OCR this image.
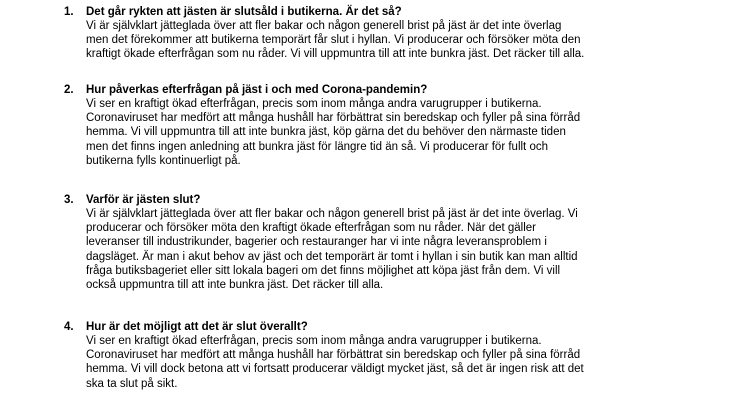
1. Det går rykten att jästen är slutsåld i butikerna. Är det så?
Vi är självklart jätteglada över att fler bakar och någon generell brist på jäst är det inte överlag
men det förekommer att butikerna temporärt får slut i hyllan. Vi producerar och försöker möta den
kraftigt ökade efterfrågan som nu råder. Vi vill uppmuntra till att inte bunkra jäst. Det räcker till alla.
2. Hur påverkas efterfrågan på jäst i och med Corona-pandemin?
Vi ser en kraftigt ökad efterfrågan, precis som inom många andra varugrupper i butikerna.
Coronaviruset har medfört att många hushåll har förbättrat sin beredskap och fyller på sina förråd
hemma. Vi vill uppmuntra till att inte bunkra jäst, köp gärna det du behöver den närmaste tiden
men det finns ingen anledning att bunkra jäst för längre tid än så. Vi producerar för fullt och
butikerna fylls kontinuerligt på.
3. Varför är jästen slut?
Vi är självklart jätteglada över att fler bakar och någon generell brist på jäst är det inte överlag. Vi
producerar och försöker möta den kraftigt ökade efterfrågan som nu råder. När det gäller
leveranser till industrikunder, bagerier och restauranger har vi inte några leveransproblem i
dagsläget. Är man i akut behov av jäst och det temporärt är tomt i hyllan i sin butik kan man alltid
fråga butiksbageriet eller sitt lokala bageri om det finns möjlighet att köpa jäst från dem. Vi vill
också uppmuntra till att inte bunkra jäst. Det räcker till alla.
4. Hur är det möjligt att det är slut överallt?
Vi ser en kraftigt ökad efterfrågan, precis som inom många andra varugrupper i butikerna.
Coronaviruset har medfört att många hushåll har förbättrat sin beredskap och fyller på sina förråd
hemma. Vi vill dock betona att vi fortsatt producerar väldigt mycket jäst, så det är ingen risk att det
ska ta slut på sikt.
